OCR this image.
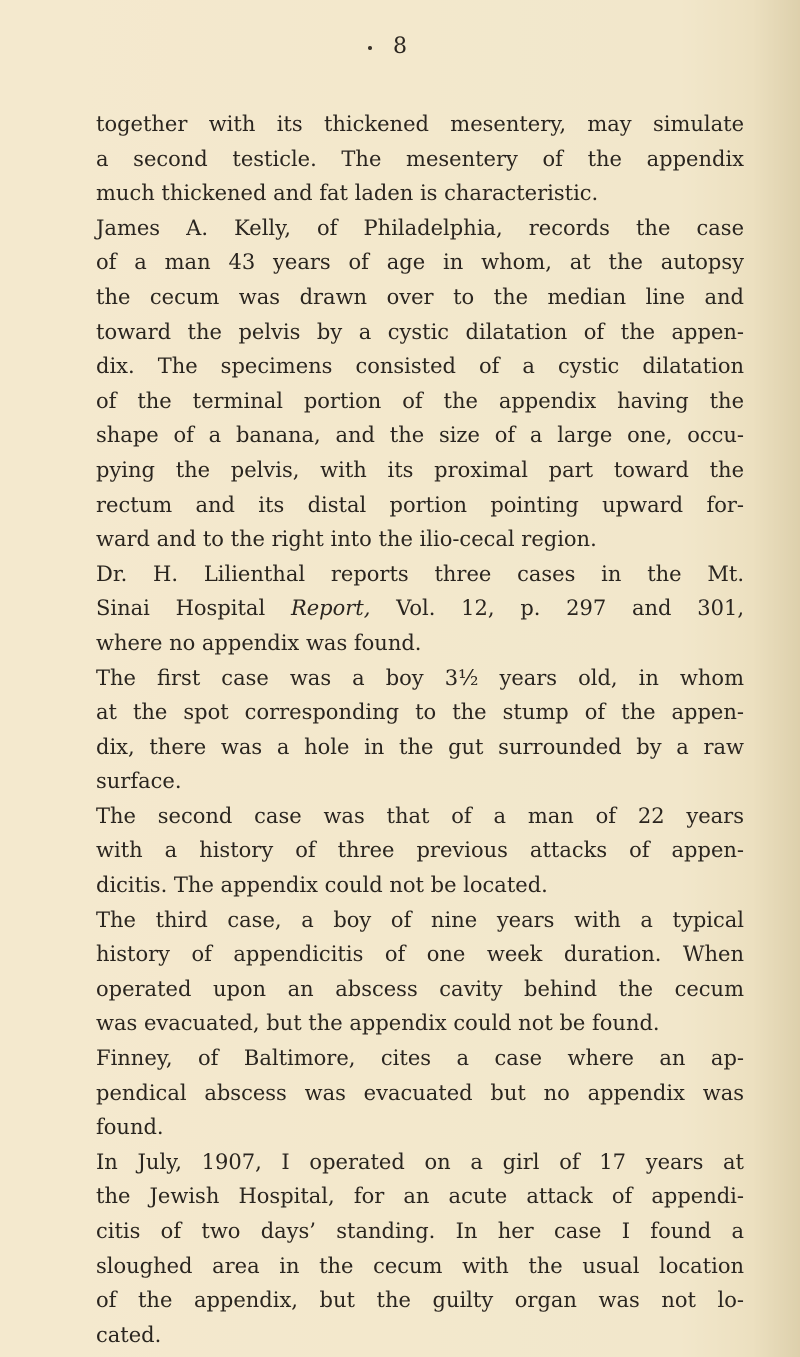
8

together with its thickened mesentery, may simulate
a second testicle. The mesentery of the appendix
much thickened and fat laden is characteristic.

James A. Kelly, of Philadelphia, records the case
of a man 43 years of age in whom, at the autopsy
the cecum was drawn over to the median line and
toward the pelvis by a cystic dilatation of the appen-
dix. The specimens consisted of a cystic dilatation
of the terminal portion of the appendix having the
shape of a banana, and the size of a large one, occu-
pying the pelvis, with its proximal part toward the
rectum and its distal portion pointing upward for-
ward and to the right into the ilio-cecal region.

Dr. H. Lilienthal reports three cases in the Mt.
Sinai Hospital Report, Vol. 12, p. 297 and 301,
where no appendix was found.

The first case was a boy 3½ years old, in whom
at the spot corresponding to the stump of the appen-
dix, there was a hole in the gut surrounded by a raw
surface.

The second case was that of a man of 22 years
with a history of three previous attacks of appen-
dicitis. The appendix could not be located.

The third case, a boy of nine years with a typical
history of appendicitis of one week duration. When
operated upon an abscess cavity behind the cecum
was evacuated, but the appendix could not be found.

Finney, of Baltimore, cites a case where an ap-
pendical abscess was evacuated but no appendix was
found.

In July, 1907, I operated on a girl of 17 years at
the Jewish Hospital, for an acute attack of appendi-
citis of two days’ standing. In her case I found a
sloughed area in the cecum with the usual location
of the appendix, but the guilty organ was not lo-
cated.
